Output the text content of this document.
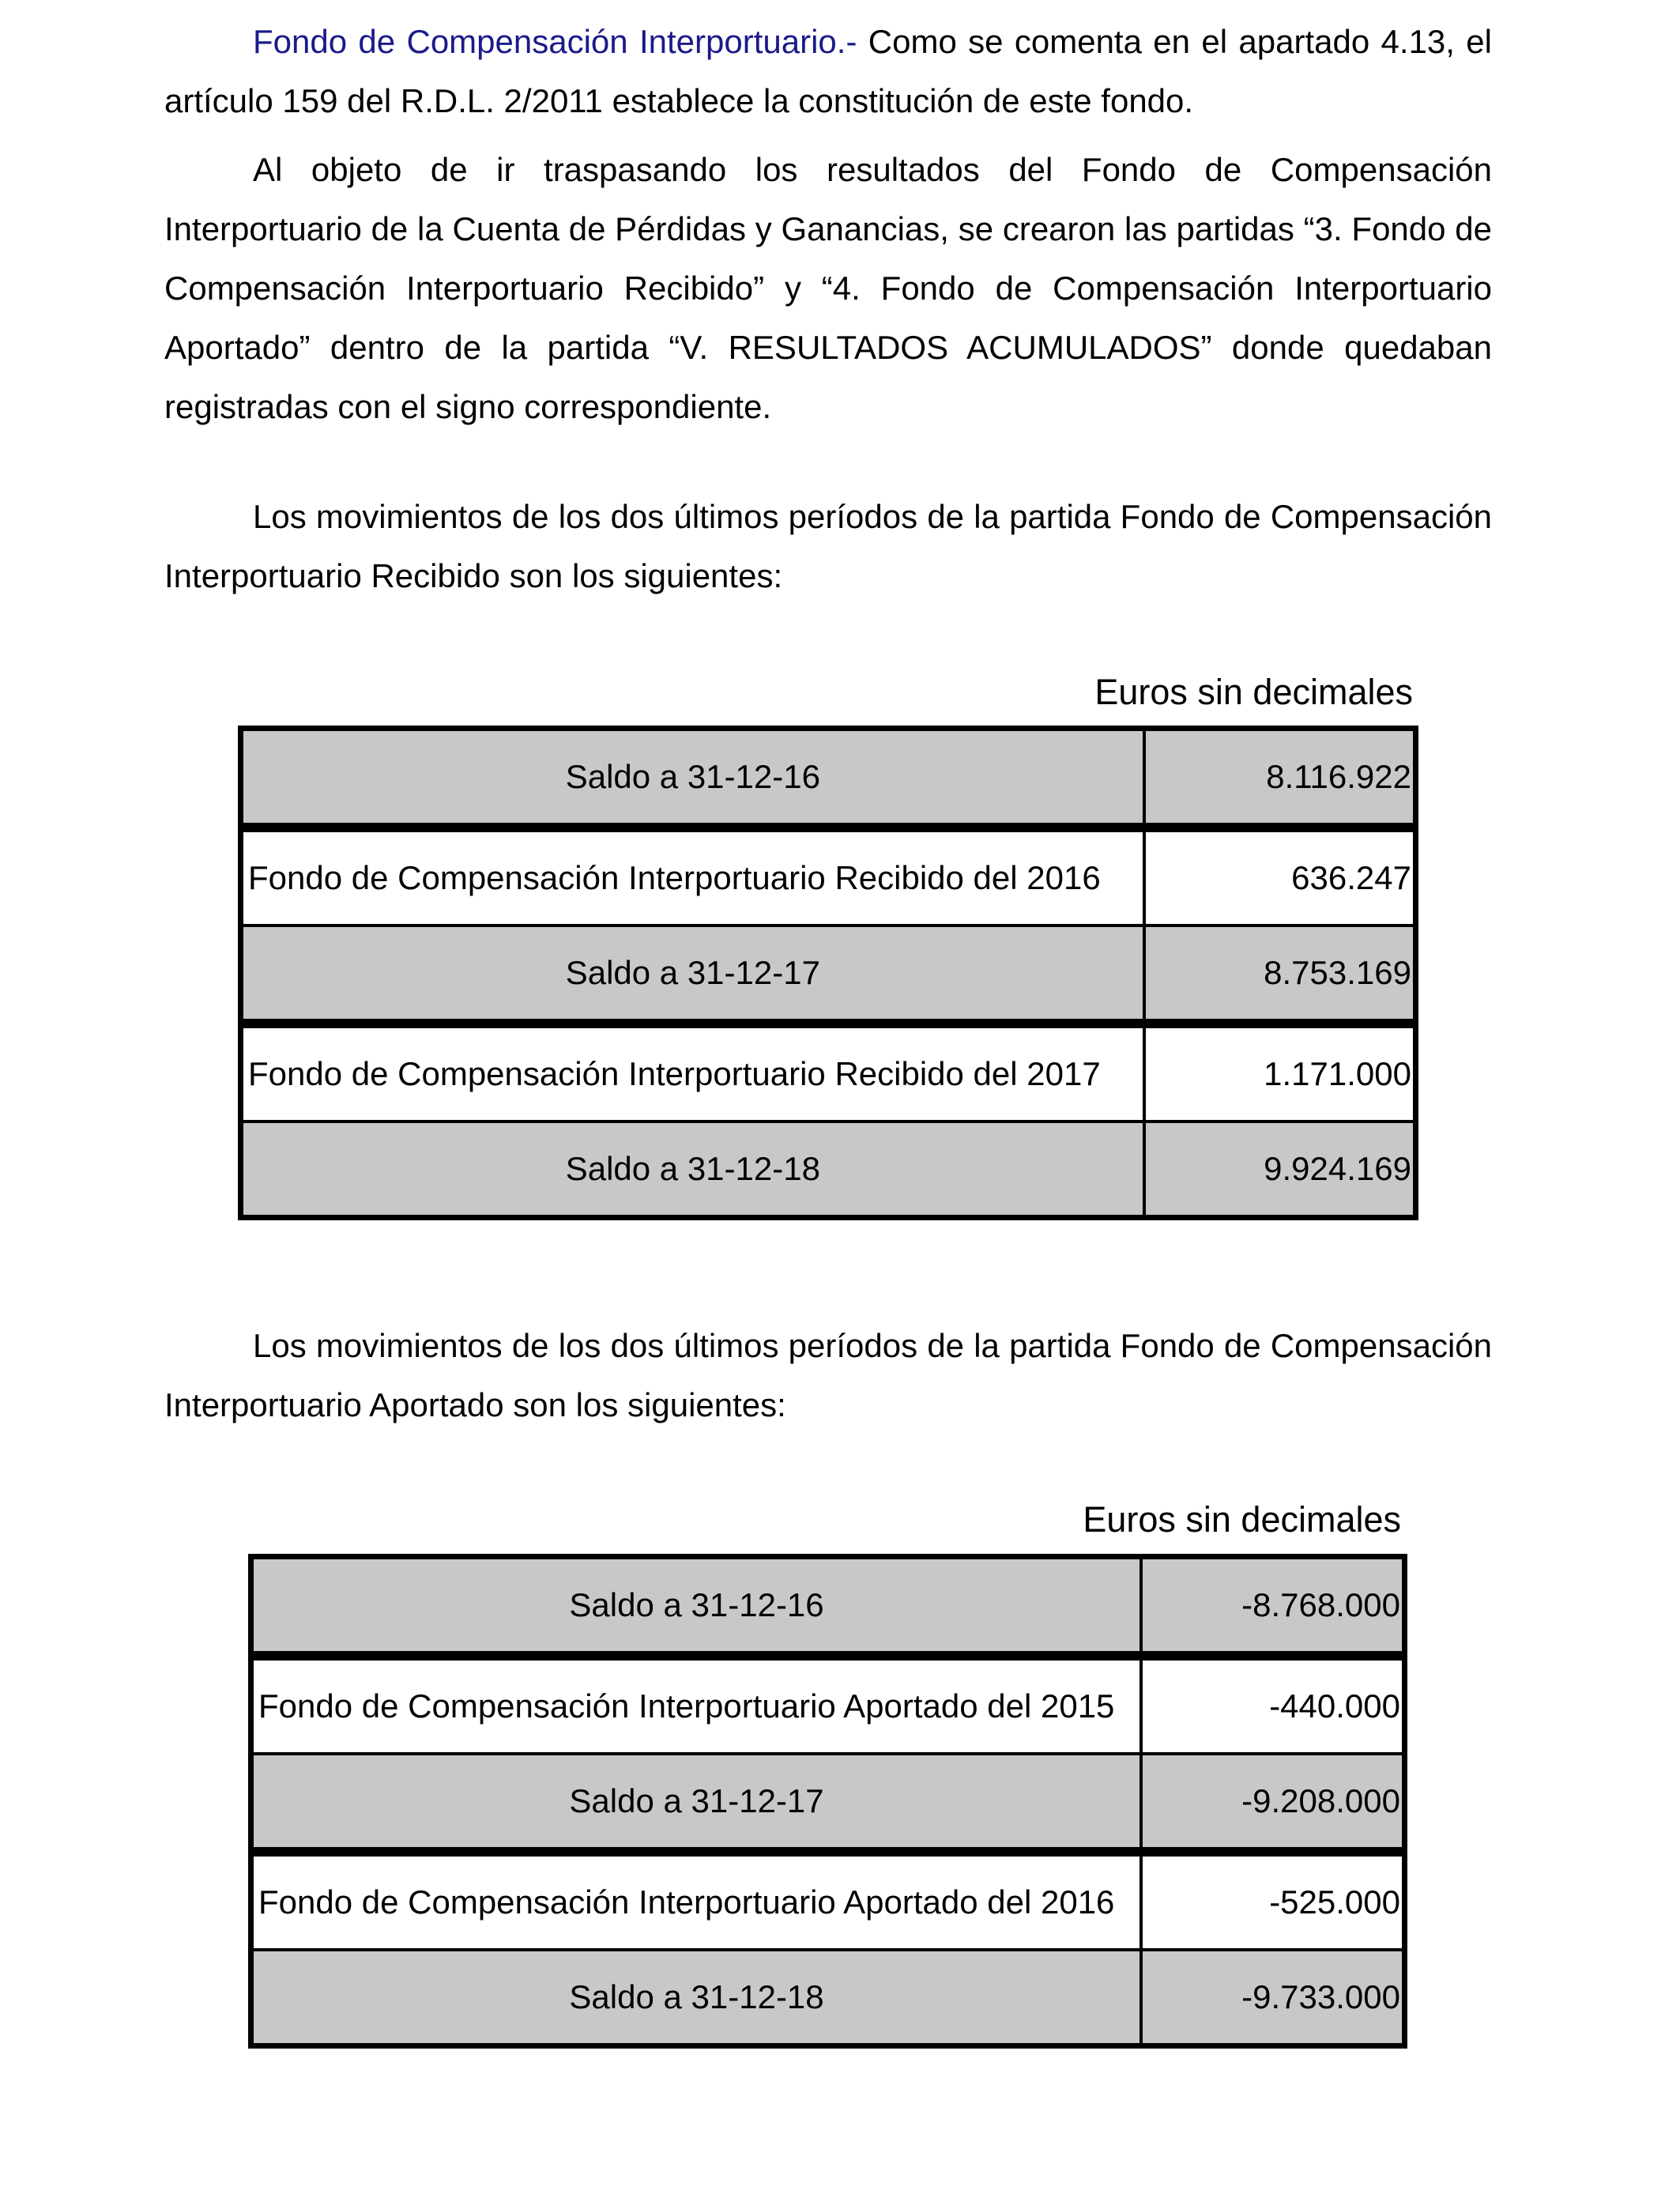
Fondo de Compensación Interportuario.- Como se comenta en el apartado 4.13, el artículo 159 del R.D.L. 2/2011 establece la constitución de este fondo.

Al objeto de ir traspasando los resultados del Fondo de Compensación Interportuario de la Cuenta de Pérdidas y Ganancias, se crearon las partidas “3. Fondo de Compensación Interportuario Recibido” y “4. Fondo de Compensación Interportuario Aportado” dentro de la partida “V. RESULTADOS ACUMULADOS” donde quedaban registradas con el signo correspondiente.

Los movimientos de los dos últimos períodos de la partida Fondo de Compensación Interportuario Recibido son los siguientes:

Euros sin decimales
Saldo a 31-12-16	8.116.922

Fondo de Compensación Interportuario Recibido del 2016	636.247
Saldo a 31-12-17	8.753.169

Fondo de Compensación Interportuario Recibido del 2017	1.171.000
Saldo a 31-12-18	9.924.169

Los movimientos de los dos últimos períodos de la partida Fondo de Compensación Interportuario Aportado son los siguientes:

Euros sin decimales
Saldo a 31-12-16	-8.768.000

Fondo de Compensación Interportuario Aportado del 2015	-440.000
Saldo a 31-12-17	-9.208.000

Fondo de Compensación Interportuario Aportado del 2016	-525.000
Saldo a 31-12-18	-9.733.000
